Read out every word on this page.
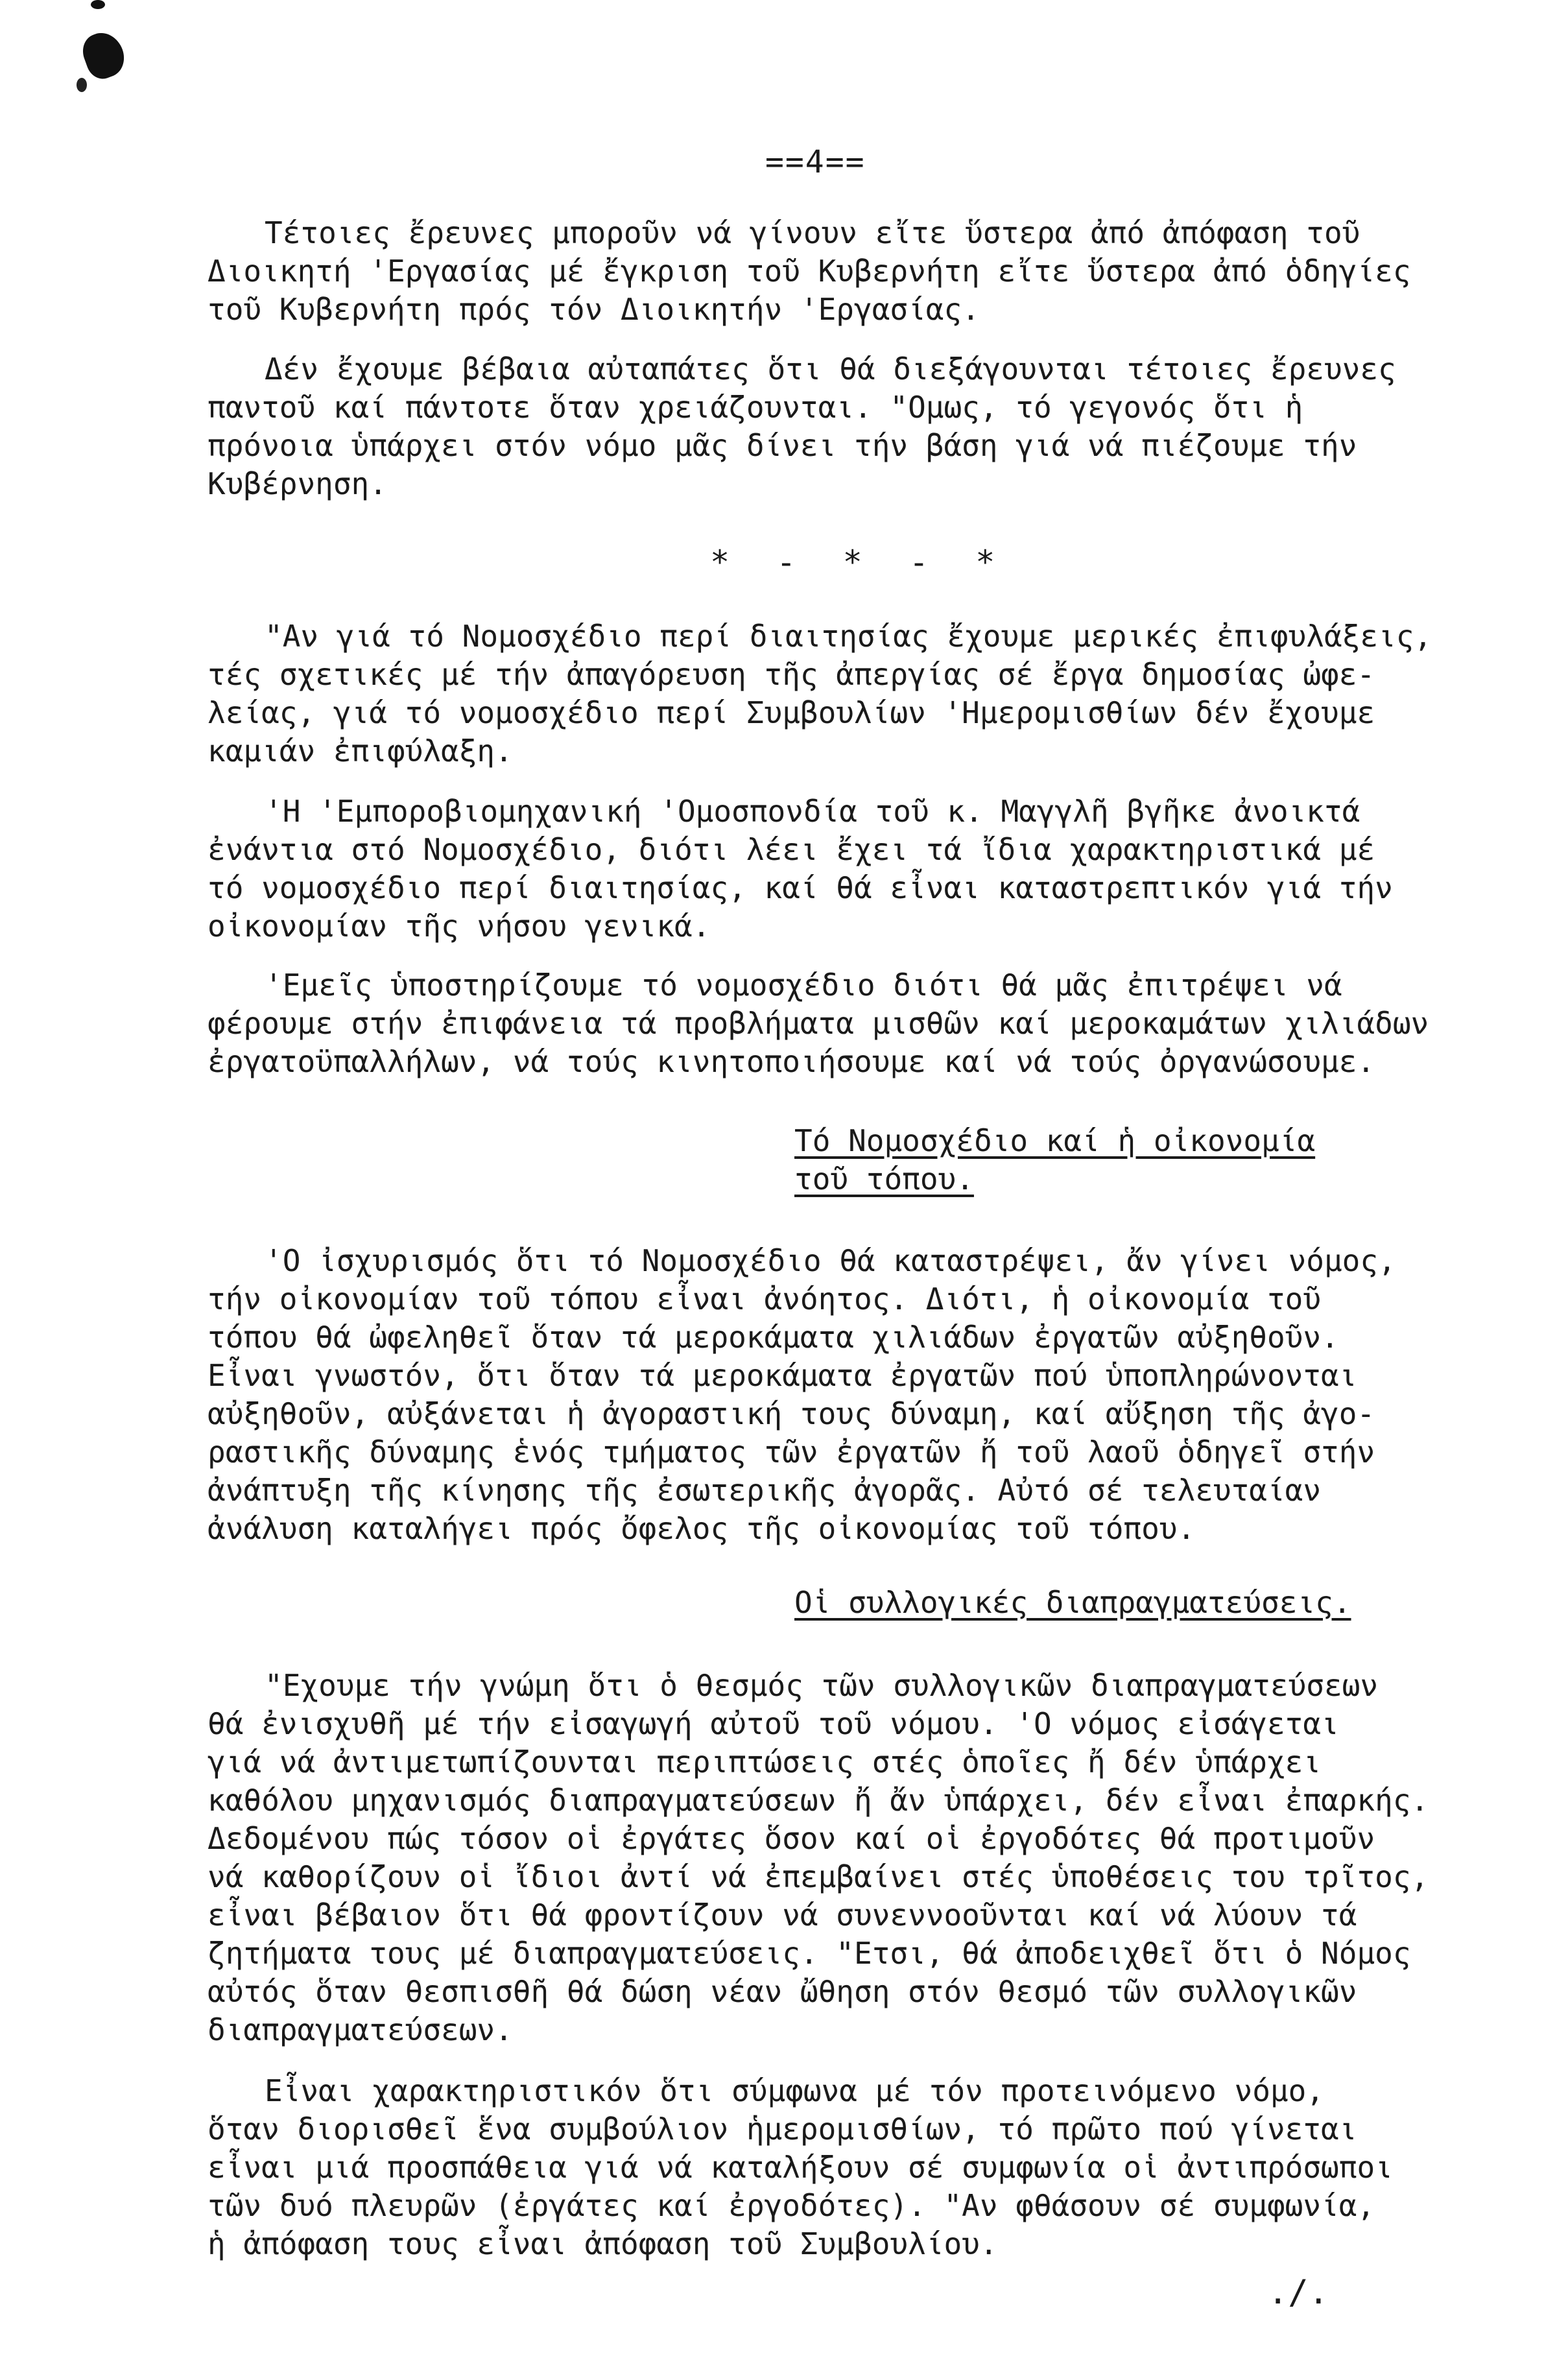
==4==
Τέτοιες ἔρευνες μποροῦν νά γίνουν εἴτε ὕστερα ἀπό ἀπόφαση τοῦ
Διοικητή 'Εργασίας μέ ἔγκριση τοῦ Κυβερνήτη εἴτε ὕστερα ἀπό ὁδηγίες
τοῦ Κυβερνήτη πρός τόν Διοικητήν 'Εργασίας.
Δέν ἔχουμε βέβαια αὐταπάτες ὅτι θά διεξάγουνται τέτοιες ἔρευνες
παντοῦ καί πάντοτε ὅταν χρειάζουνται. "Ομως, τό γεγονός ὅτι ἡ
πρόνοια ὑπάρχει στόν νόμο μᾶς δίνει τήν βάση γιά νά πιέζουμε τήν
Κυβέρνηση.
*  -  *  -  *
"Αν γιά τό Νομοσχέδιο περί διαιτησίας ἔχουμε μερικές ἐπιφυλάξεις,
τές σχετικές μέ τήν ἀπαγόρευση τῆς ἀπεργίας σέ ἔργα δημοσίας ὠφε-
λείας, γιά τό νομοσχέδιο περί Συμβουλίων 'Ημερομισθίων δέν ἔχουμε
καμιάν ἐπιφύλαξη.
'Η 'Εμποροβιομηχανική 'Ομοσπονδία τοῦ κ. Μαγγλῆ βγῆκε ἀνοικτά
ἐνάντια στό Νομοσχέδιο, διότι λέει ἔχει τά ἴδια χαρακτηριστικά μέ
τό νομοσχέδιο περί διαιτησίας, καί θά εἶναι καταστρεπτικόν γιά τήν
οἰκονομίαν τῆς νήσου γενικά.
'Εμεῖς ὑποστηρίζουμε τό νομοσχέδιο διότι θά μᾶς ἐπιτρέψει νά
φέρουμε στήν ἐπιφάνεια τά προβλήματα μισθῶν καί μεροκαμάτων χιλιάδων
ἐργατοϋπαλλήλων, νά τούς κινητοποιήσουμε καί νά τούς ὀργανώσουμε.
Τό Νομοσχέδιο καί ἡ οἰκονομία
τοῦ τόπου.
'Ο ἰσχυρισμός ὅτι τό Νομοσχέδιο θά καταστρέψει, ἄν γίνει νόμος,
τήν οἰκονομίαν τοῦ τόπου εἶναι ἀνόητος. Διότι, ἡ οἰκονομία τοῦ
τόπου θά ὠφεληθεῖ ὅταν τά μεροκάματα χιλιάδων ἐργατῶν αὐξηθοῦν.
Εἶναι γνωστόν, ὅτι ὅταν τά μεροκάματα ἐργατῶν πού ὑποπληρώνονται
αὐξηθοῦν, αὐξάνεται ἡ ἀγοραστική τους δύναμη, καί αὔξηση τῆς ἀγο-
ραστικῆς δύναμης ἑνός τμήματος τῶν ἐργατῶν ἤ τοῦ λαοῦ ὁδηγεῖ στήν
ἀνάπτυξη τῆς κίνησης τῆς ἐσωτερικῆς ἀγορᾶς. Αὐτό σέ τελευταίαν
ἀνάλυση καταλήγει πρός ὄφελος τῆς οἰκονομίας τοῦ τόπου.
Οἱ συλλογικές διαπραγματεύσεις.
"Εχουμε τήν γνώμη ὅτι ὁ θεσμός τῶν συλλογικῶν διαπραγματεύσεων
θά ἐνισχυθῆ μέ τήν εἰσαγωγή αὐτοῦ τοῦ νόμου. 'Ο νόμος εἰσάγεται
γιά νά ἀντιμετωπίζουνται περιπτώσεις στές ὁποῖες ἤ δέν ὑπάρχει
καθόλου μηχανισμός διαπραγματεύσεων ἤ ἄν ὑπάρχει, δέν εἶναι ἐπαρκής.
Δεδομένου πώς τόσον οἱ ἐργάτες ὅσον καί οἱ ἐργοδότες θά προτιμοῦν
νά καθορίζουν οἱ ἴδιοι ἀντί νά ἐπεμβαίνει στές ὑποθέσεις του τρῖτος,
εἶναι βέβαιον ὅτι θά φροντίζουν νά συνεννοοῦνται καί νά λύουν τά
ζητήματα τους μέ διαπραγματεύσεις. "Ετσι, θά ἀποδειχθεῖ ὅτι ὁ Νόμος
αὐτός ὅταν θεσπισθῆ θά δώση νέαν ὤθηση στόν θεσμό τῶν συλλογικῶν
διαπραγματεύσεων.
Εἶναι χαρακτηριστικόν ὅτι σύμφωνα μέ τόν προτεινόμενο νόμο,
ὅταν διορισθεῖ ἕνα συμβούλιον ἡμερομισθίων, τό πρῶτο πού γίνεται
εἶναι μιά προσπάθεια γιά νά καταλήξουν σέ συμφωνία οἱ ἀντιπρόσωποι
τῶν δυό πλευρῶν (ἐργάτες καί ἐργοδότες). "Αν φθάσουν σέ συμφωνία,
ἡ ἀπόφαση τους εἶναι ἀπόφαση τοῦ Συμβουλίου.
./.
